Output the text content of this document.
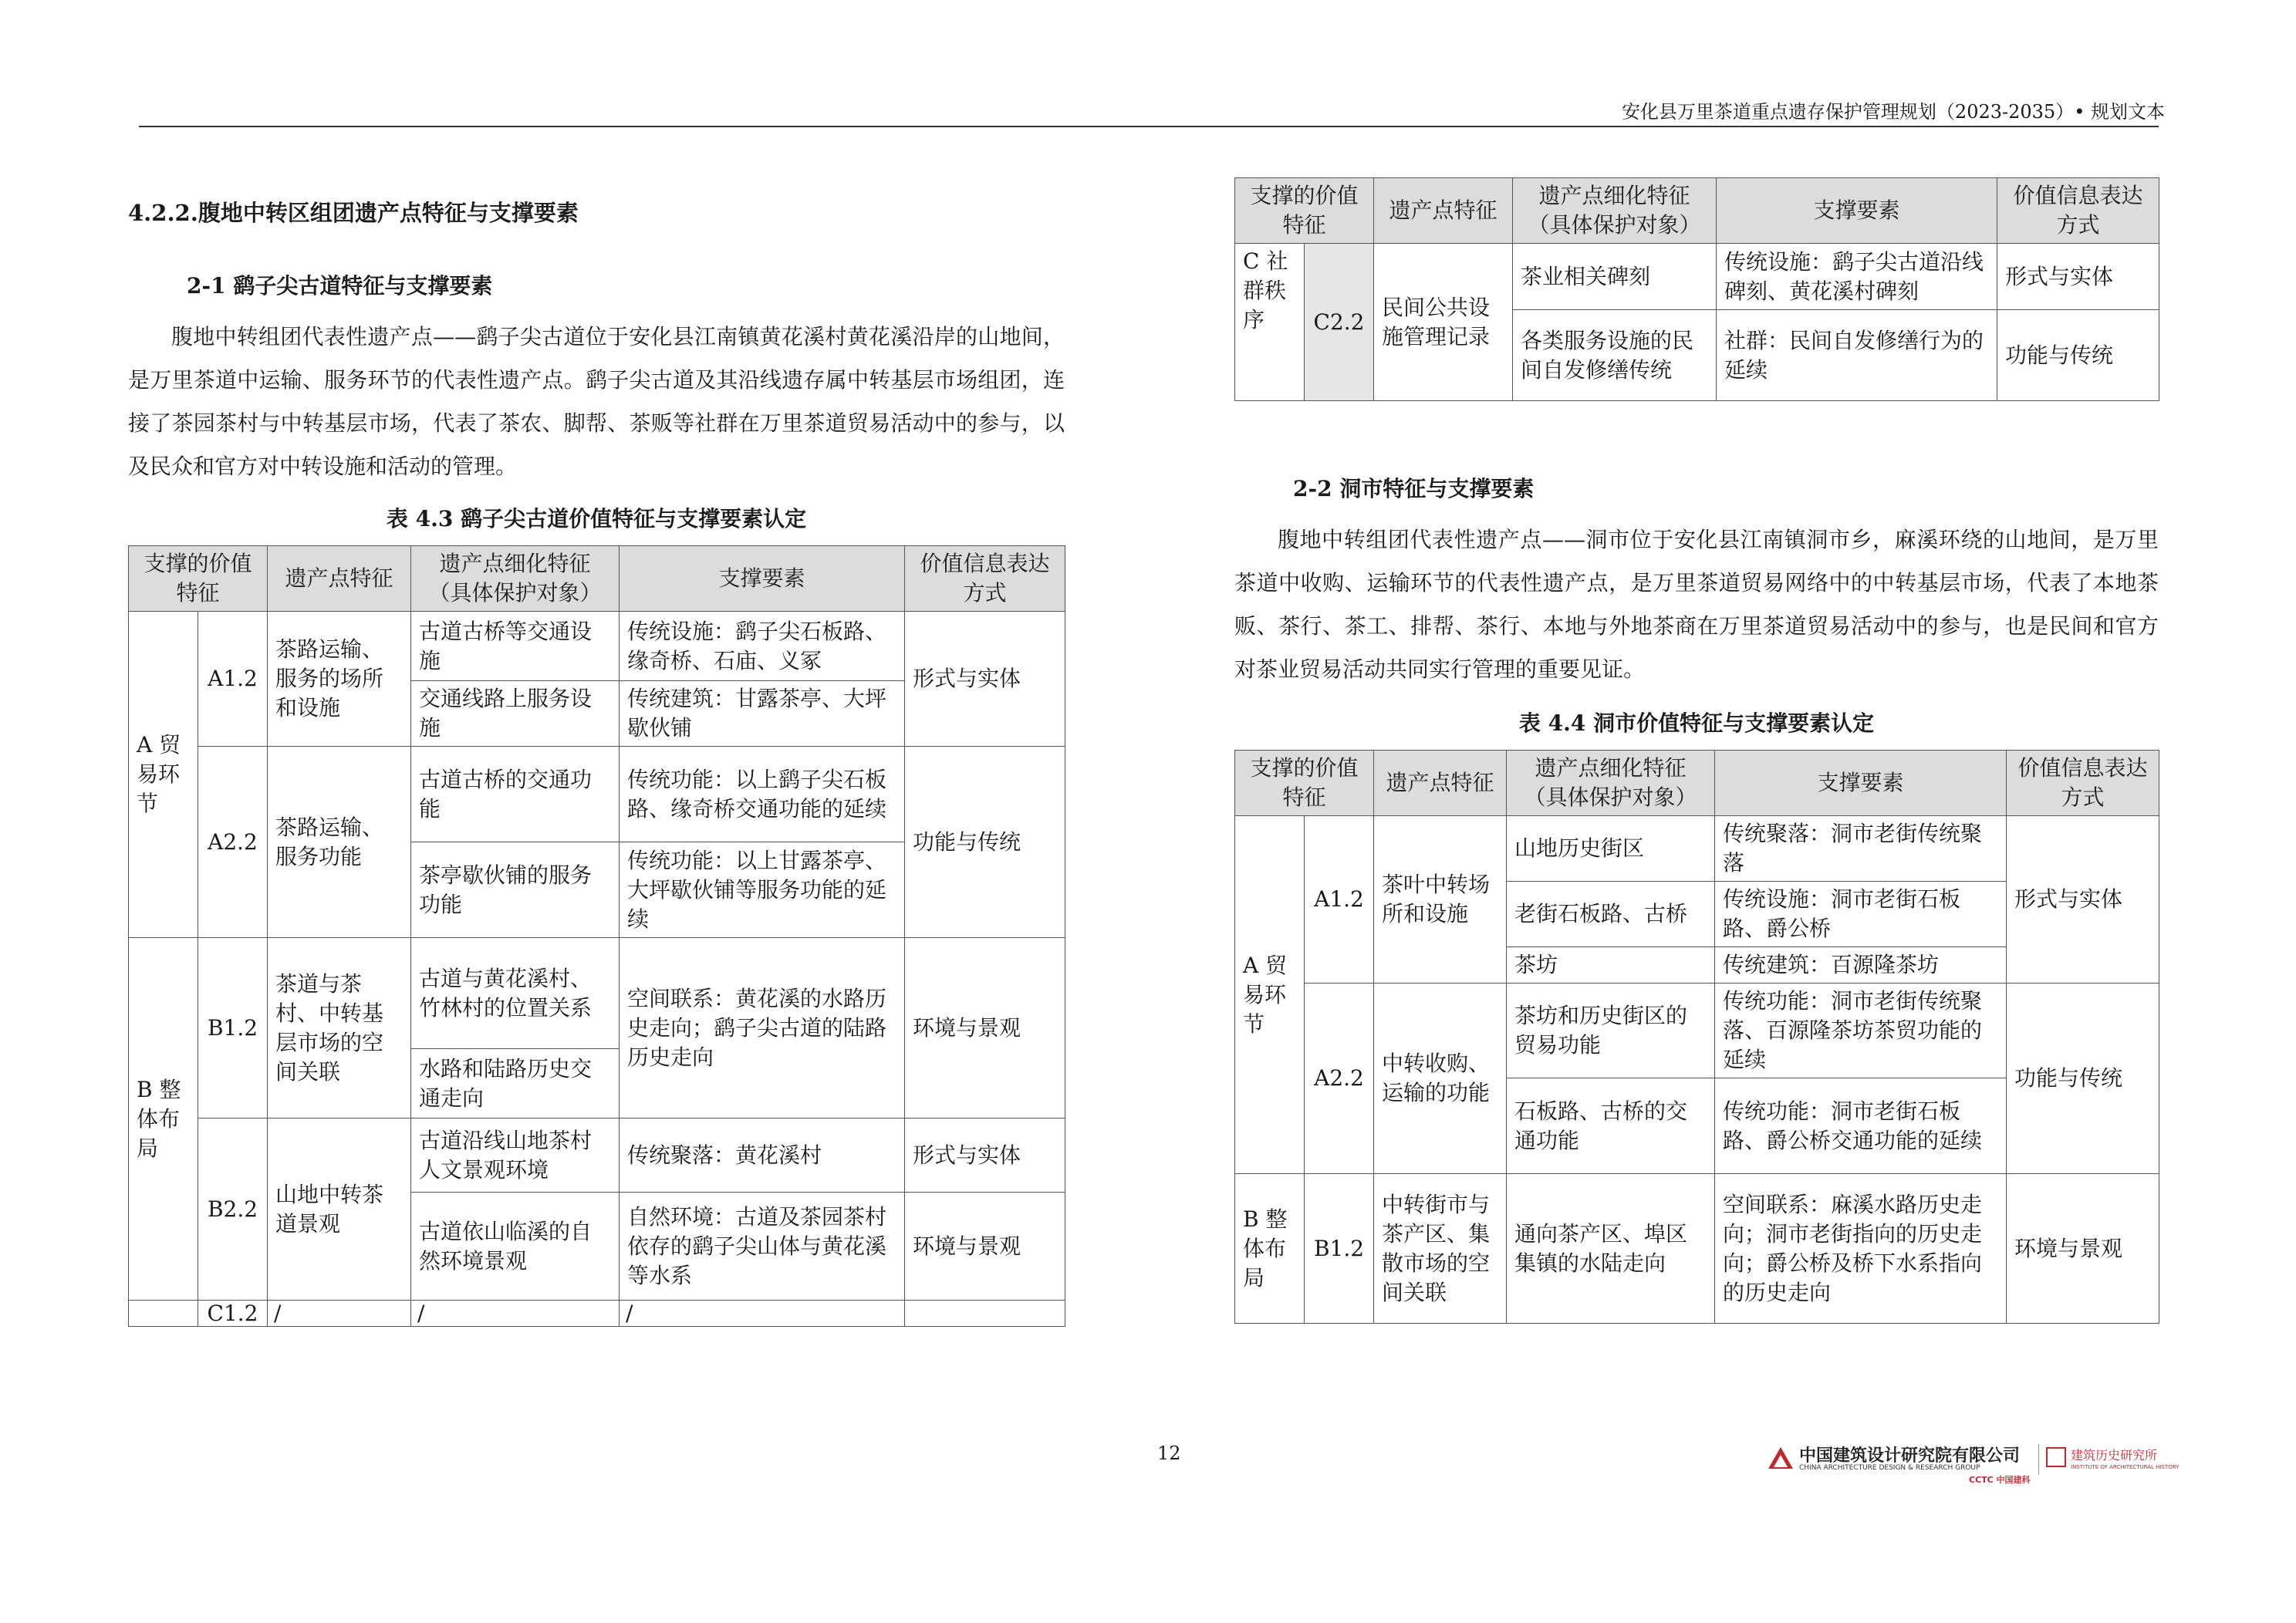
安化县万里茶道重点遗存保护管理规划（2023-2035）• 规划文本

4.2.2.腹地中转区组团遗产点特征与支撑要素

2-1 鹞子尖古道特征与支撑要素

腹地中转组团代表性遗产点——鹞子尖古道位于安化县江南镇黄花溪村黄花溪沿岸的山地间，是万里茶道中运输、服务环节的代表性遗产点。鹞子尖古道及其沿线遗存属中转基层市场组团，连接了茶园茶村与中转基层市场，代表了茶农、脚帮、茶贩等社群在万里茶道贸易活动中的参与，以及民众和官方对中转设施和活动的管理。

表 4.3 鹞子尖古道价值特征与支撑要素认定

支撑的价值特征		遗产点特征	遗产点细化特征（具体保护对象）	支撑要素	价值信息表达方式
A 贸易环节	A1.2	茶路运输、服务的场所和设施	古道古桥等交通设施	传统设施：鹞子尖石板路、缘奇桥、石庙、义冢	形式与实体
			交通线路上服务设施	传统建筑：甘露茶亭、大坪歇伙铺	
	A2.2	茶路运输、服务功能	古道古桥的交通功能	传统功能：以上鹞子尖石板路、缘奇桥交通功能的延续	功能与传统
			茶亭歇伙铺的服务功能	传统功能：以上甘露茶亭、大坪歇伙铺等服务功能的延续	
B 整体布局	B1.2	茶道与茶村、中转基层市场的空间关联	古道与黄花溪村、竹林村的位置关系	空间联系：黄花溪的水路历史走向；鹞子尖古道的陆路历史走向	环境与景观
			水路和陆路历史交通走向		
	B2.2	山地中转茶道景观	古道沿线山地茶村人文景观环境	传统聚落：黄花溪村	形式与实体
			古道依山临溪的自然环境景观	自然环境：古道及茶园茶村依存的鹞子尖山体与黄花溪等水系	环境与景观
	C1.2	/	/	/	
支撑的价值特征		遗产点特征	遗产点细化特征（具体保护对象）	支撑要素	价值信息表达方式
C 社群秩序	C2.2	民间公共设施管理记录	茶业相关碑刻	传统设施：鹞子尖古道沿线碑刻、黄花溪村碑刻	形式与实体
			各类服务设施的民间自发修缮传统	社群：民间自发修缮行为的延续	功能与传统

2-2 洞市特征与支撑要素

腹地中转组团代表性遗产点——洞市位于安化县江南镇洞市乡，麻溪环绕的山地间，是万里茶道中收购、运输环节的代表性遗产点，是万里茶道贸易网络中的中转基层市场，代表了本地茶贩、茶行、茶工、排帮、茶行、本地与外地茶商在万里茶道贸易活动中的参与，也是民间和官方对茶业贸易活动共同实行管理的重要见证。

表 4.4 洞市价值特征与支撑要素认定

支撑的价值特征		遗产点特征	遗产点细化特征（具体保护对象）	支撑要素	价值信息表达方式
A 贸易环节	A1.2	茶叶中转场所和设施	山地历史街区	传统聚落：洞市老街传统聚落	形式与实体
			老街石板路、古桥	传统设施：洞市老街石板路、爵公桥	
			茶坊	传统建筑：百源隆茶坊	
	A2.2	中转收购、运输的功能	茶坊和历史街区的贸易功能	传统功能：洞市老街传统聚落、百源隆茶坊茶贸功能的延续	功能与传统
			石板路、古桥的交通功能	传统功能：洞市老街石板路、爵公桥交通功能的延续	
B 整体布局	B1.2	中转街市与茶产区、集散市场的空间关联	通向茶产区、埠区集镇的水陆走向	空间联系：麻溪水路历史走向；洞市老街指向的历史走向；爵公桥及桥下水系指向的历史走向	环境与景观
12	中国建筑设计研究院有限公司
CHINA ARCHITECTURE DESIGN & RESEARCH GROUP
CCTC 中国建科
建筑历史研究所
INSTITUTE OF ARCHITECTURAL HISTORY
